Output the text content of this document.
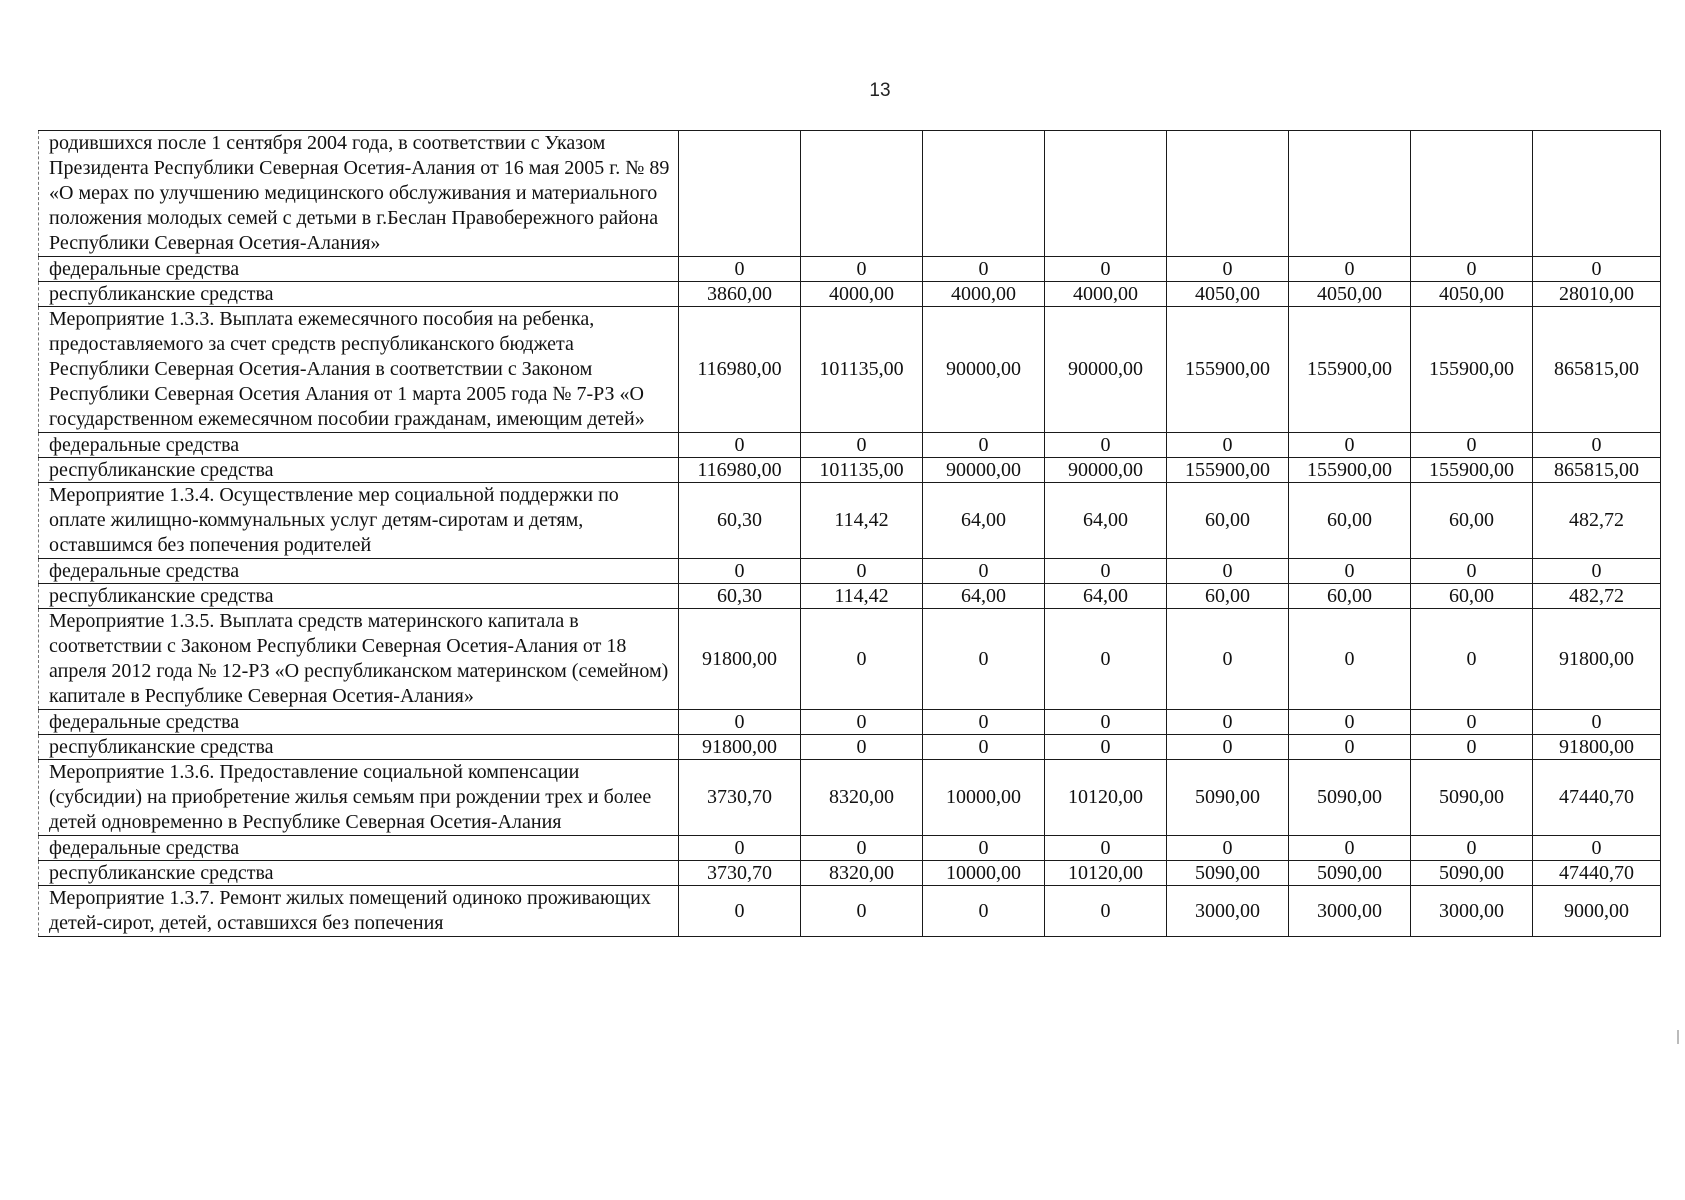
13
родившихся после 1 сентября 2004 года, в соответствии с Указом Президента Республики Северная Осетия-Алания от 16 мая 2005 г. № 89 «О мерах по улучшению медицинского обслуживания и материального положения молодых семей с детьми в г.Беслан Правобережного района Республики Северная Осетия-Алания»								
федеральные средства	0	0	0	0	0	0	0	0
республиканские средства	3860,00	4000,00	4000,00	4000,00	4050,00	4050,00	4050,00	28010,00
Мероприятие 1.3.3. Выплата ежемесячного пособия на ребенка, предоставляемого за счет средств республиканского бюджета Республики Северная Осетия-Алания в соответствии с Законом Республики Северная Осетия Алания от 1 марта 2005 года № 7-РЗ «О государственном ежемесячном пособии гражданам, имеющим детей»	116980,00	101135,00	90000,00	90000,00	155900,00	155900,00	155900,00	865815,00
федеральные средства	0	0	0	0	0	0	0	0
республиканские средства	116980,00	101135,00	90000,00	90000,00	155900,00	155900,00	155900,00	865815,00
Мероприятие 1.3.4. Осуществление мер социальной поддержки по оплате жилищно-коммунальных услуг детям-сиротам и детям, оставшимся без попечения родителей	60,30	114,42	64,00	64,00	60,00	60,00	60,00	482,72
федеральные средства	0	0	0	0	0	0	0	0
республиканские средства	60,30	114,42	64,00	64,00	60,00	60,00	60,00	482,72
Мероприятие 1.3.5. Выплата средств материнского капитала в соответствии с Законом Республики Северная Осетия-Алания от 18 апреля 2012 года № 12-РЗ «О республиканском материнском (семейном) капитале в Республике Северная Осетия-Алания»	91800,00	0	0	0	0	0	0	91800,00
федеральные средства	0	0	0	0	0	0	0	0
республиканские средства	91800,00	0	0	0	0	0	0	91800,00
Мероприятие 1.3.6. Предоставление социальной компенсации (субсидии) на приобретение жилья семьям при рождении трех и более детей одновременно в Республике Северная Осетия-Алания	3730,70	8320,00	10000,00	10120,00	5090,00	5090,00	5090,00	47440,70
федеральные средства	0	0	0	0	0	0	0	0
республиканские средства	3730,70	8320,00	10000,00	10120,00	5090,00	5090,00	5090,00	47440,70
Мероприятие 1.3.7. Ремонт жилых помещений одиноко проживающих детей-сирот, детей, оставшихся без попечения	0	0	0	0	3000,00	3000,00	3000,00	9000,00
